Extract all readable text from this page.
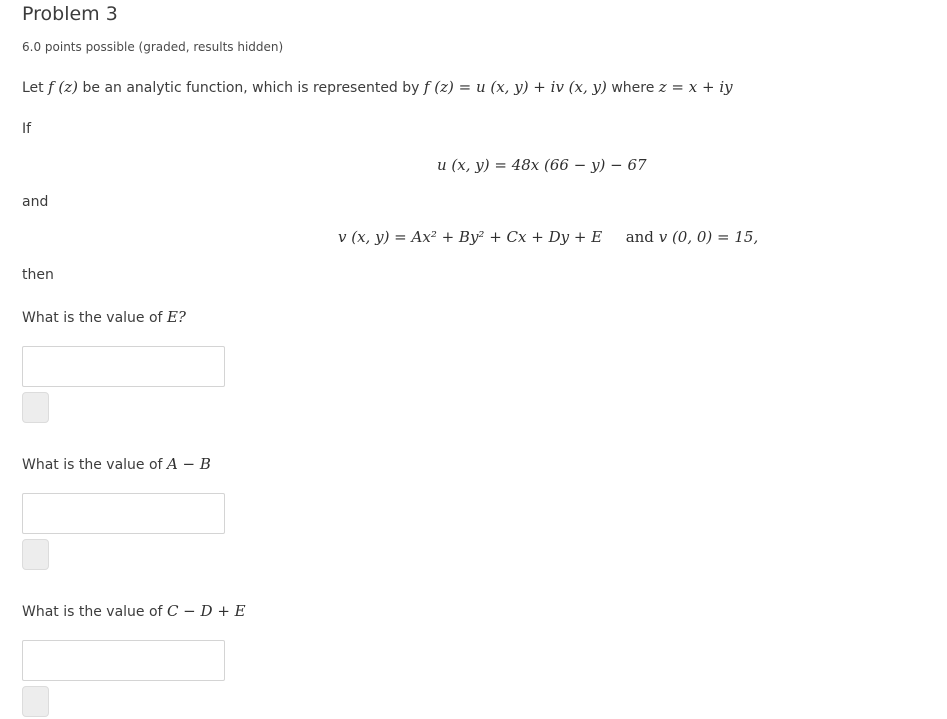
Problem 3
6.0 points possible (graded, results hidden)
Let f (z) be an analytic function, which is represented by f (z) = u (x, y) + iv (x, y) where z = x + iy
If
u (x, y) = 48x (66 − y) − 67
and
v (x, y) = Ax² + By² + Cx + Dy + E and v (0, 0) = 15,
then
What is the value of E?
What is the value of A − B
What is the value of C − D + E
